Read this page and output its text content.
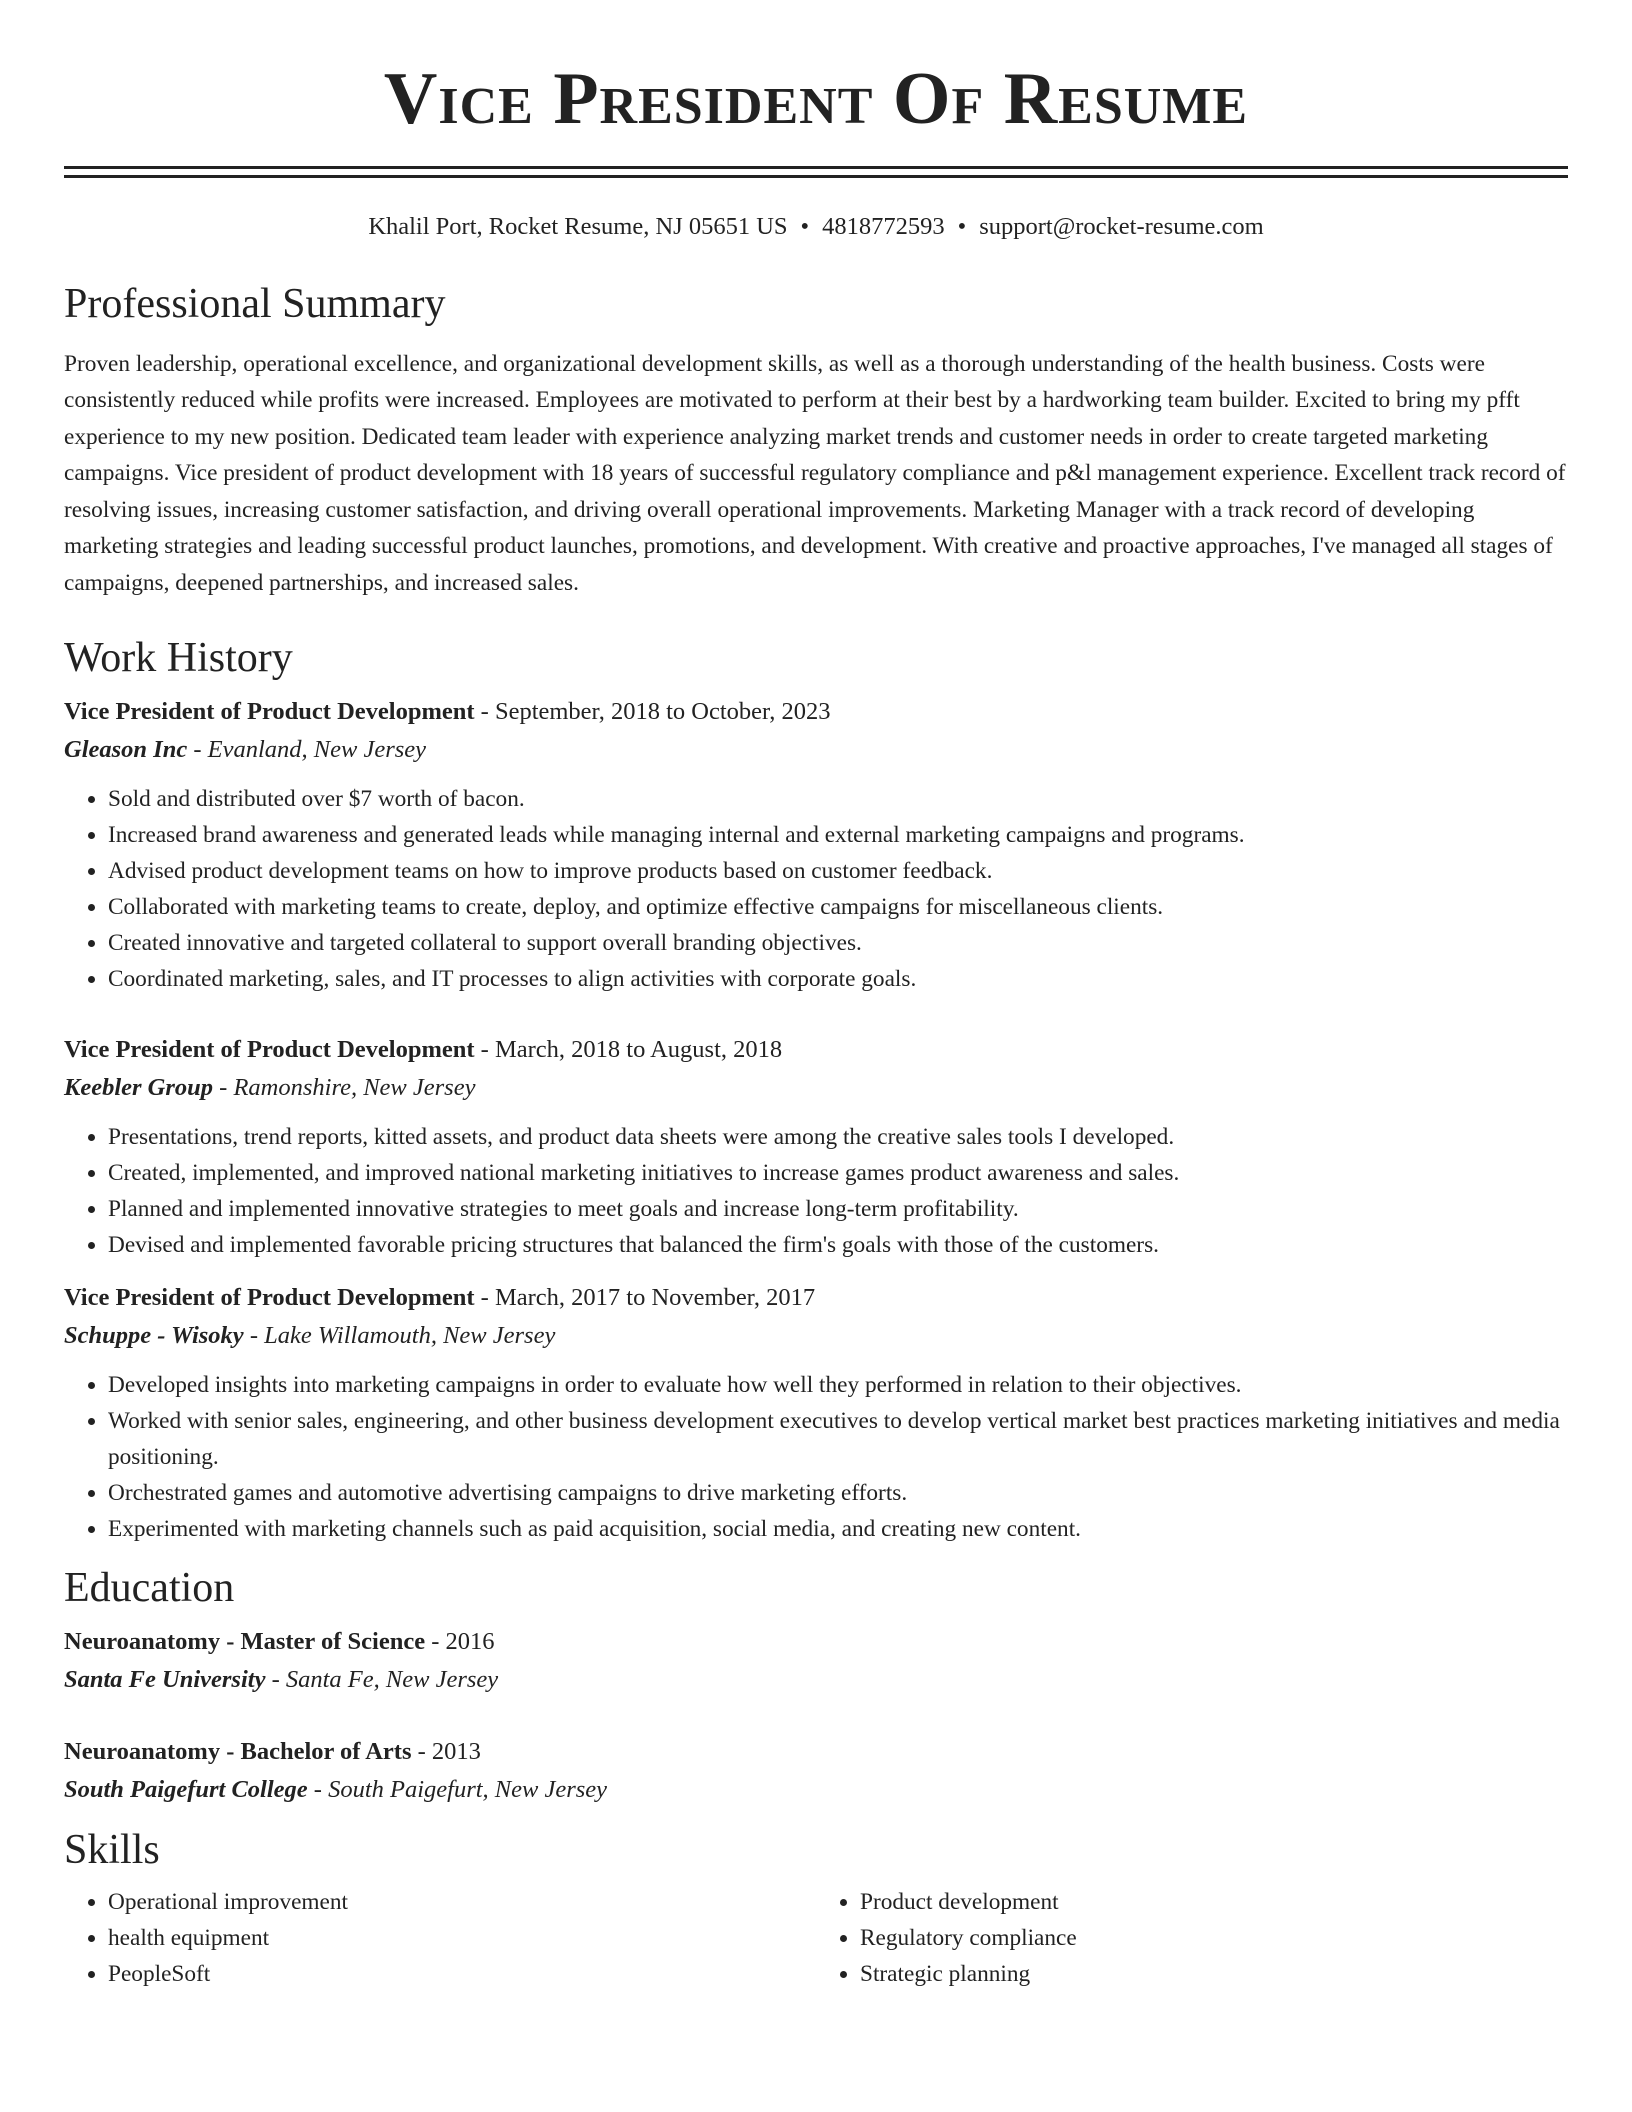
Vice President Of Resume
Khalil Port, Rocket Resume, NJ 05651 US • 4818772593 • support@rocket-resume.com
Professional Summary
Proven leadership, operational excellence, and organizational development skills, as well as a thorough understanding of the health business. Costs were consistently reduced while profits were increased. Employees are motivated to perform at their best by a hardworking team builder. Excited to bring my pfft experience to my new position. Dedicated team leader with experience analyzing market trends and customer needs in order to create targeted marketing campaigns. Vice president of product development with 18 years of successful regulatory compliance and p&l management experience. Excellent track record of resolving issues, increasing customer satisfaction, and driving overall operational improvements. Marketing Manager with a track record of developing marketing strategies and leading successful product launches, promotions, and development. With creative and proactive approaches, I've managed all stages of campaigns, deepened partnerships, and increased sales.
Work History
Vice President of Product Development - September, 2018 to October, 2023
Gleason Inc - Evanland, New Jersey
• Sold and distributed over $7 worth of bacon.
• Increased brand awareness and generated leads while managing internal and external marketing campaigns and programs.
• Advised product development teams on how to improve products based on customer feedback.
• Collaborated with marketing teams to create, deploy, and optimize effective campaigns for miscellaneous clients.
• Created innovative and targeted collateral to support overall branding objectives.
• Coordinated marketing, sales, and IT processes to align activities with corporate goals.
Vice President of Product Development - March, 2018 to August, 2018
Keebler Group - Ramonshire, New Jersey
• Presentations, trend reports, kitted assets, and product data sheets were among the creative sales tools I developed.
• Created, implemented, and improved national marketing initiatives to increase games product awareness and sales.
• Planned and implemented innovative strategies to meet goals and increase long-term profitability.
• Devised and implemented favorable pricing structures that balanced the firm's goals with those of the customers.
Vice President of Product Development - March, 2017 to November, 2017
Schuppe - Wisoky - Lake Willamouth, New Jersey
• Developed insights into marketing campaigns in order to evaluate how well they performed in relation to their objectives.
• Worked with senior sales, engineering, and other business development executives to develop vertical market best practices marketing initiatives and media positioning.
• Orchestrated games and automotive advertising campaigns to drive marketing efforts.
• Experimented with marketing channels such as paid acquisition, social media, and creating new content.
Education
Neuroanatomy - Master of Science - 2016
Santa Fe University - Santa Fe, New Jersey
Neuroanatomy - Bachelor of Arts - 2013
South Paigefurt College - South Paigefurt, New Jersey
Skills
• Operational improvement
• health equipment
• PeopleSoft
• Product development
• Regulatory compliance
• Strategic planning
